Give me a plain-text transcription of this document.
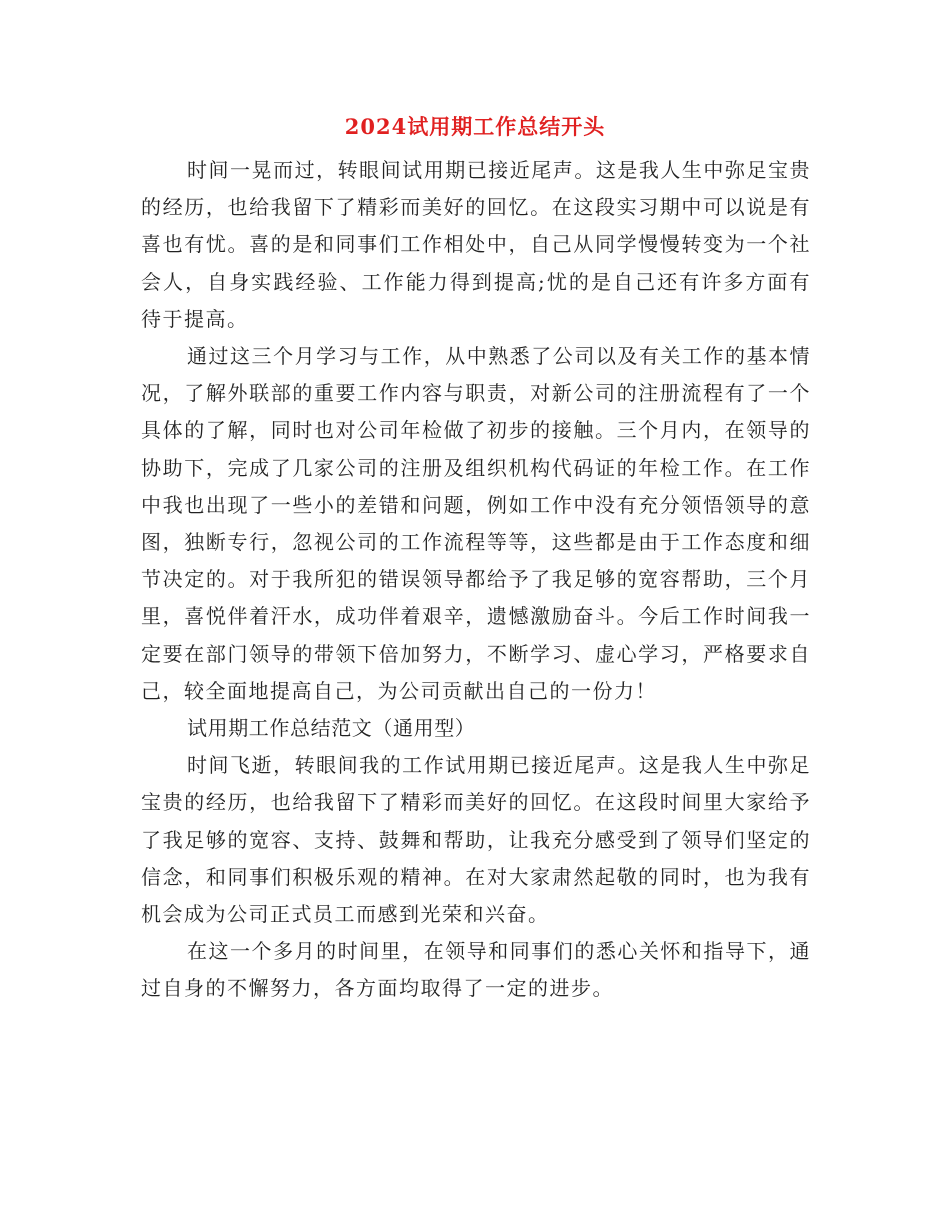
2024试用期工作总结开头

时间一晃而过，转眼间试用期已接近尾声。这是我人生中弥足宝贵的经历，也给我留下了精彩而美好的回忆。在这段实习期中可以说是有喜也有忧。喜的是和同事们工作相处中，自己从同学慢慢转变为一个社会人，自身实践经验、工作能力得到提高;忧的是自己还有许多方面有待于提高。

通过这三个月学习与工作，从中熟悉了公司以及有关工作的基本情况，了解外联部的重要工作内容与职责，对新公司的注册流程有了一个具体的了解，同时也对公司年检做了初步的接触。三个月内，在领导的协助下，完成了几家公司的注册及组织机构代码证的年检工作。在工作中我也出现了一些小的差错和问题，例如工作中没有充分领悟领导的意图，独断专行，忽视公司的工作流程等等，这些都是由于工作态度和细节决定的。对于我所犯的错误领导都给予了我足够的宽容帮助，三个月里，喜悦伴着汗水，成功伴着艰辛，遗憾激励奋斗。今后工作时间我一定要在部门领导的带领下倍加努力，不断学习、虚心学习，严格要求自己，较全面地提高自己，为公司贡献出自己的一份力！

试用期工作总结范文（通用型）

时间飞逝，转眼间我的工作试用期已接近尾声。这是我人生中弥足宝贵的经历，也给我留下了精彩而美好的回忆。在这段时间里大家给予了我足够的宽容、支持、鼓舞和帮助，让我充分感受到了领导们坚定的信念，和同事们积极乐观的精神。在对大家肃然起敬的同时，也为我有机会成为公司正式员工而感到光荣和兴奋。

在这一个多月的时间里，在领导和同事们的悉心关怀和指导下，通过自身的不懈努力，各方面均取得了一定的进步。
